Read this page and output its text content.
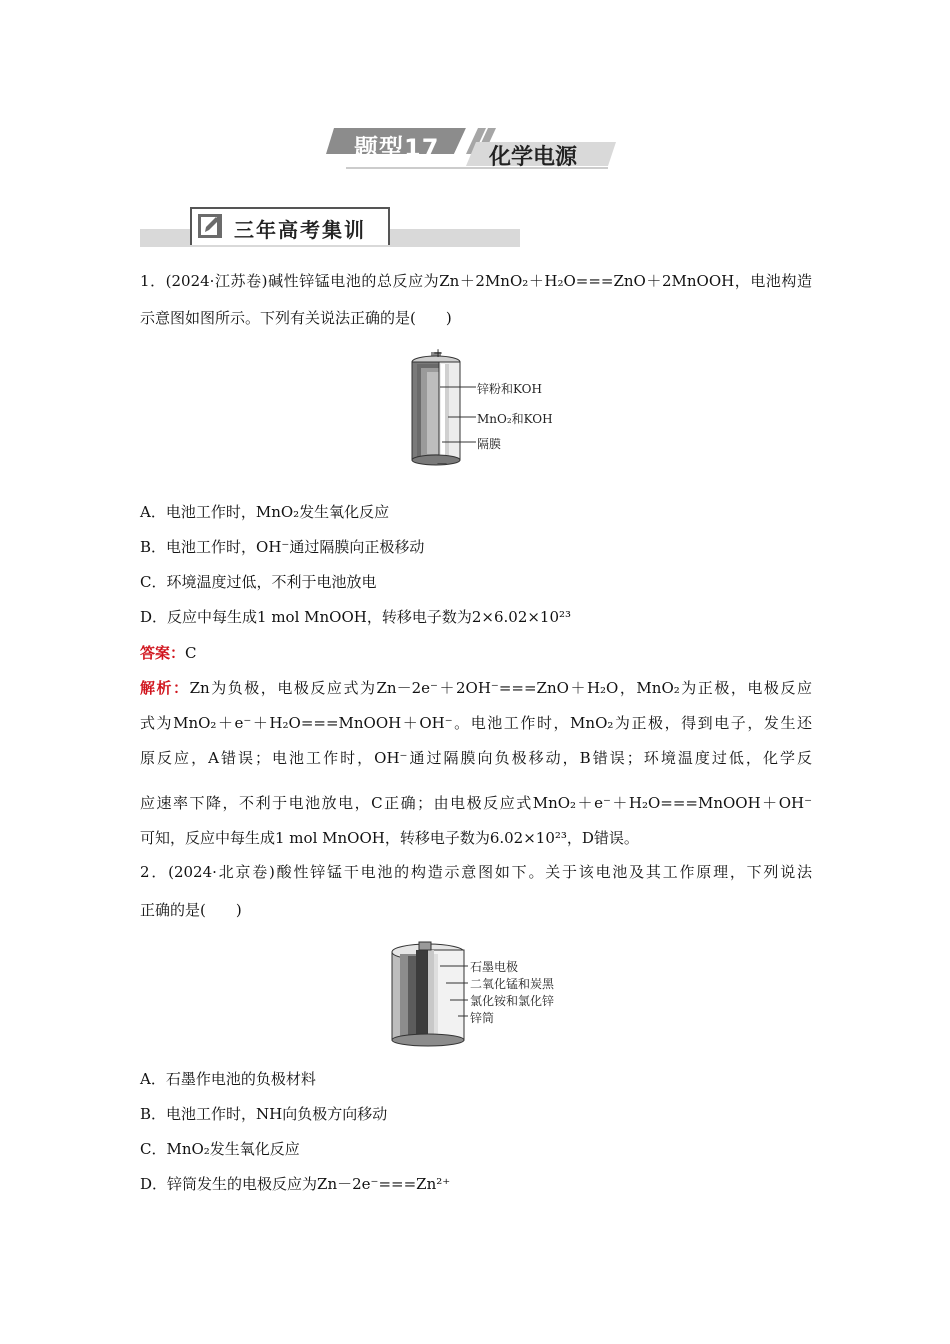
题型17 化学电源
三年高考集训
1．(2024·江苏卷)碱性锌锰电池的总反应为Zn＋2MnO₂＋H₂O===ZnO＋2MnOOH，电池构造
示意图如图所示。下列有关说法正确的是(　　)
+
－
锌粉和KOH
MnO₂和KOH
隔膜
A．电池工作时，MnO₂发生氧化反应
B．电池工作时，OH⁻通过隔膜向正极移动
C．环境温度过低，不利于电池放电
D．反应中每生成1 mol MnOOH，转移电子数为2×6.02×10²³
答案：C
解析：Zn为负极，电极反应式为Zn－2e⁻＋2OH⁻===ZnO＋H₂O，MnO₂为正极，电极反应
式为MnO₂＋e⁻＋H₂O===MnOOH＋OH⁻。电池工作时，MnO₂为正极，得到电子，发生还
原反应，A错误；电池工作时，OH⁻通过隔膜向负极移动，B错误；环境温度过低，化学反
应速率下降，不利于电池放电，C正确；由电极反应式MnO₂＋e⁻＋H₂O===MnOOH＋OH⁻
可知，反应中每生成1 mol MnOOH，转移电子数为6.02×10²³，D错误。
2．(2024·北京卷)酸性锌锰干电池的构造示意图如下。关于该电池及其工作原理，下列说法
正确的是(　　)
石墨电极
二氧化锰和炭黑
氯化铵和氯化锌
锌筒
A．石墨作电池的负极材料
B．电池工作时，NH向负极方向移动
C．MnO₂发生氧化反应
D．锌筒发生的电极反应为Zn－2e⁻===Zn²⁺
